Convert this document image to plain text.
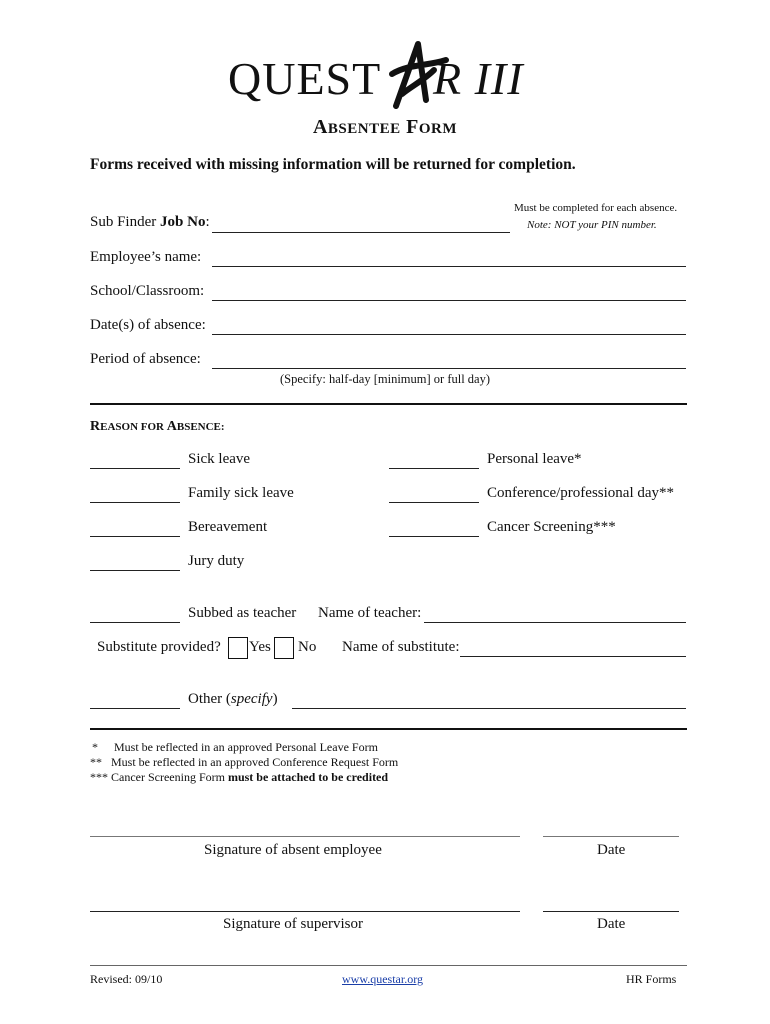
QUEST R III
ABSENTEE FORM
Forms received with missing information will be returned for completion.
Must be completed for each absence.
Sub Finder Job No:	Note: NOT your PIN number.
Employee’s name:
School/Classroom:
Date(s) of absence:
Period of absence:
(Specify: half-day [minimum] or full day)
REASON FOR ABSENCE:
Sick leave
Family sick leave
Bereavement
Jury duty
Personal leave*
Conference/professional day**
Cancer Screening***
Subbed as teacher Name of teacher:
Substitute provided? Yes No Name of substitute:
Other (specify)
* Must be reflected in an approved Personal Leave Form
** Must be reflected in an approved Conference Request Form
*** Cancer Screening Form must be attached to be credited
Signature of absent employee	Date
Signature of supervisor	Date
Revised: 09/10	www.questar.org	HR Forms
